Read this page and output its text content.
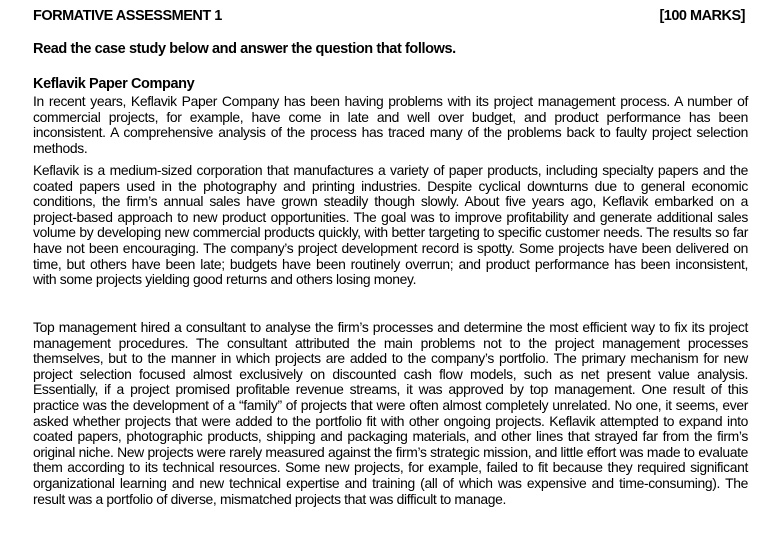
FORMATIVE ASSESSMENT 1	[100 MARKS]
Read the case study below and answer the question that follows.
Keflavik Paper Company

In recent years, Keflavik Paper Company has been having problems with its project management process. A number of commercial projects, for example, have come in late and well over budget, and product performance has been inconsistent. A comprehensive analysis of the process has traced many of the problems back to faulty project selection methods.

Keflavik is a medium-sized corporation that manufactures a variety of paper products, including specialty papers and the coated papers used in the photography and printing industries. Despite cyclical downturns due to general economic conditions, the firm’s annual sales have grown steadily though slowly. About five years ago, Keflavik embarked on a project-based approach to new product opportunities. The goal was to improve profitability and generate additional sales volume by developing new commercial products quickly, with better targeting to specific customer needs. The results so far have not been encouraging. The company’s project development record is spotty. Some projects have been delivered on time, but others have been late; budgets have been routinely overrun; and product performance has been inconsistent, with some projects yielding good returns and others losing money.

Top management hired a consultant to analyse the firm’s processes and determine the most efficient way to fix its project management procedures. The consultant attributed the main problems not to the project management processes themselves, but to the manner in which projects are added to the company’s portfolio. The primary mechanism for new project selection focused almost exclusively on discounted cash flow models, such as net present value analysis. Essentially, if a project promised profitable revenue streams, it was approved by top management. One result of this practice was the development of a “family” of projects that were often almost completely unrelated. No one, it seems, ever asked whether projects that were added to the portfolio fit with other ongoing projects. Keflavik attempted to expand into coated papers, photographic products, shipping and packaging materials, and other lines that strayed far from the firm’s original niche. New projects were rarely measured against the firm’s strategic mission, and little effort was made to evaluate them according to its technical resources. Some new projects, for example, failed to fit because they required significant organizational learning and new technical expertise and training (all of which was expensive and time-consuming). The result was a portfolio of diverse, mismatched projects that was difficult to manage.
